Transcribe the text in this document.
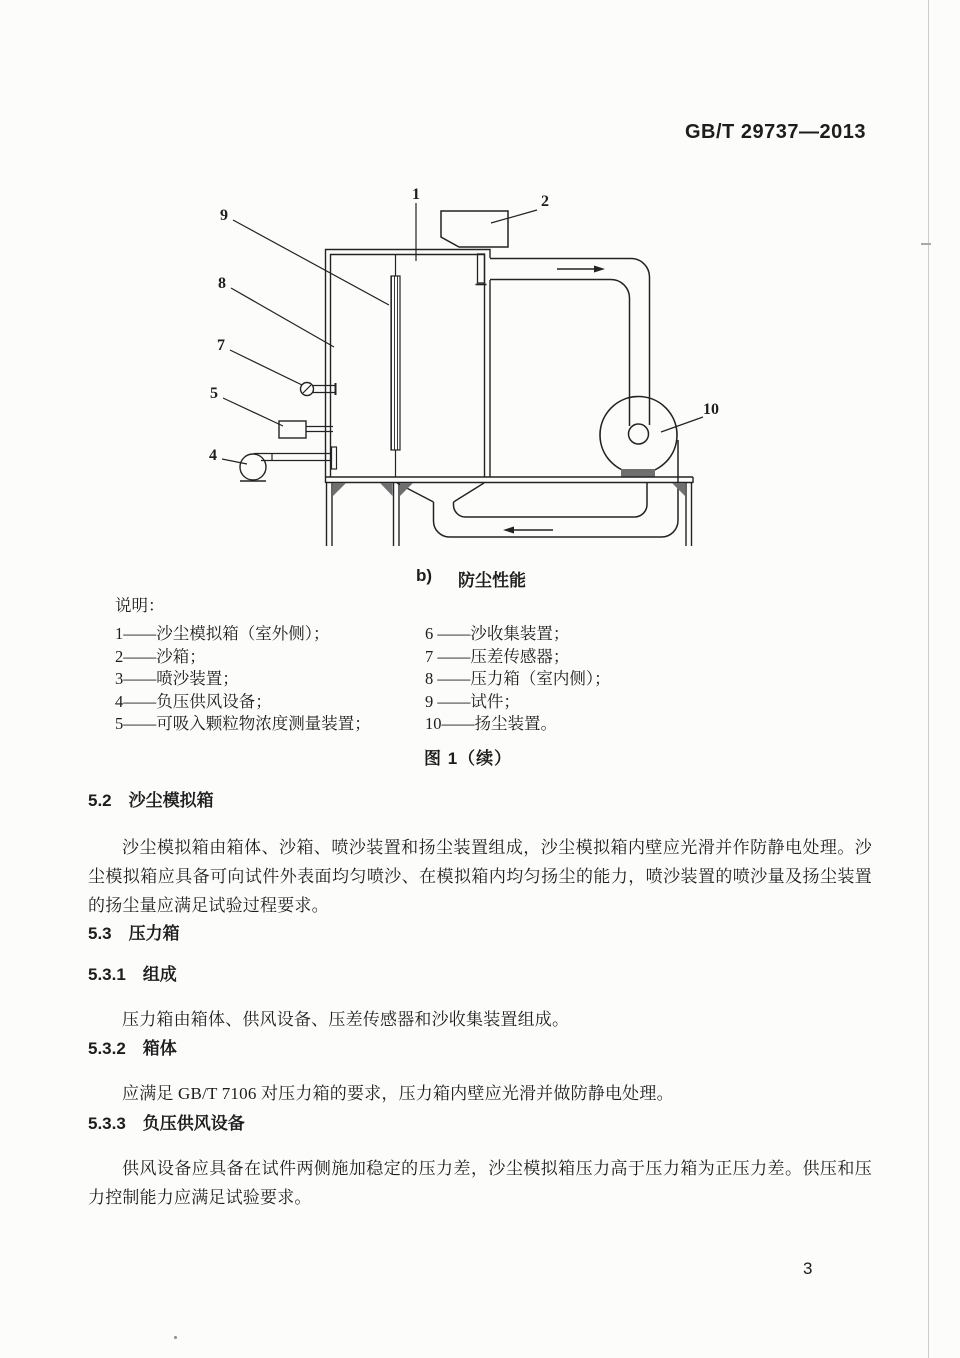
GB/T 29737—2013
9
8
7
5
4
1	2
10
b) 防尘性能

说明：

1——沙尘模拟箱（室外侧）；
2——沙箱；
3——喷沙装置；
4——负压供风设备；
5——可吸入颗粒物浓度测量装置；
6 ——沙收集装置；
7 ——压差传感器；
8 ——压力箱（室内侧）；
9 ——试件；
10——扬尘装置。
图 1（续）
5.2　沙尘模拟箱

沙尘模拟箱由箱体、沙箱、喷沙装置和扬尘装置组成，沙尘模拟箱内壁应光滑并作防静电处理。沙尘模拟箱应具备可向试件外表面均匀喷沙、在模拟箱内均匀扬尘的能力，喷沙装置的喷沙量及扬尘装置的扬尘量应满足试验过程要求。

5.3　压力箱
5.3.1　组成

压力箱由箱体、供风设备、压差传感器和沙收集装置组成。

5.3.2　箱体

应满足 GB/T 7106 对压力箱的要求，压力箱内壁应光滑并做防静电处理。

5.3.3　负压供风设备

供风设备应具备在试件两侧施加稳定的压力差，沙尘模拟箱压力高于压力箱为正压力差。供压和压力控制能力应满足试验要求。

3
